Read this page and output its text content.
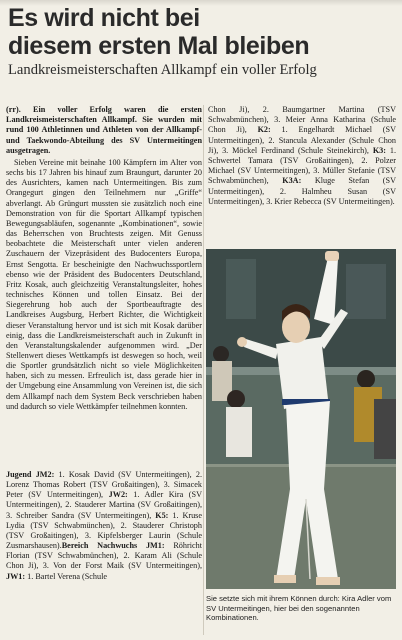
Es wird nicht bei
diesem ersten Mal bleiben
Landkreismeisterschaften Allkampf ein voller Erfolg
(rr). Ein voller Erfolg waren die ersten Landkreismeisterschaften Allkampf. Sie wurden mit rund 100 Athletinnen und Athleten von der Allkampf- und Taekwondo-Abteilung des SV Untermeitingen ausgetragen.

Sieben Vereine mit beinahe 100 Kämpfern im Alter von sechs bis 17 Jahren bis hinauf zum Braungurt, darunter 20 des Ausrichters, kamen nach Untermeitingen. Bis zum Orangegurt gingen den Teilnehmern nur „Griffe“ abverlangt. Ab Grüngurt mussten sie zusätzlich noch eine Demonstration von für die Sportart Allkampf typischen Bewegungsabläufen, sogenannte „Kombinationen“, sowie das Beherrschen von Bruchtests zeigen. Mit Genuss beobachtete die Meisterschaft unter vielen anderen Zuschauern der Vizepräsident des Budocenters Europa, Ernst Sengotta. Er bescheinigte den Nachwuchssportlern ebenso wie der Präsident des Budocenters Deutschland, Fritz Kosak, auch gleichzeitig Veranstaltungsleiter, hohes technisches Können und tollen Einsatz. Bei der Siegerehrung hob auch der Sportbeauftragte des Landkreises Augsburg, Herbert Richter, die Wichtigkeit dieser Veranstaltung hervor und ist sich mit Kosak darüber einig, dass die Landkreismeisterschaft auch in Zukunft in den Veranstaltungskalender aufgenommen wird. „Der Stellenwert dieses Wettkampfs ist deswegen so hoch, weil die Sportler grundsätzlich nicht so viele Möglichkeiten haben, sich zu messen. Erfreulich ist, dass gerade hier in der Umgebung eine Ansammlung von Vereinen ist, die sich dem Allkampf nach dem System Beck verschrieben haben und dadurch so viele Wettkämpfer teilnehmen konnten.

Jugend JM2: 1. Kosak David (SV Untermeitingen), 2. Lorenz Thomas Robert (TSV Großaitingen), 3. Simacek Peter (SV Untermeitingen), JW2: 1. Adler Kira (SV Untermeitingen), 2. Stauderer Martina (SV Großaitingen), 3. Schreiber Sandra (SV Untermeitingen), K5: 1. Kruse Lydia (TSV Schwabmünchen), 2. Stauderer Christoph (TSV Großaitingen), 3. Kipfelsberger Laurin (Schule Zusmarshausen).Bereich Nachwuchs JM1: Röhricht Florian (TSV Schwabmünchen), 2. Karam Ali (Schule Chon Ji), 3. Von der Forst Maik (SV Untermeitingen), JW1: 1. Bartel Verena (Schule

Chon Ji), 2. Baumgartner Martina (TSV Schwabmünchen), 3. Meier Anna Katharina (Schule Chon Ji), K2: 1. Engelhardt Michael (SV Untermeitingen), 2. Stancula Alexander (Schule Chon Ji), 3. Möckel Ferdinand (Schule Steinekirch), K3: 1. Schwertel Tamara (TSV Großaitingen), 2. Polzer Michael (SV Untermeitingen), 3. Müller Stefanie (TSV Schwabmünchen), K3A: Kluge Stefan (SV Untermeitingen), 2. Halmheu Susan (SV Untermeitingen), 3. Krier Rebecca (SV Untermeitingen).

Sie setzte sich mit ihrem Können durch: Kira Adler vom SV Untermeitingen, hier bei den sogenannten Kombinationen.
